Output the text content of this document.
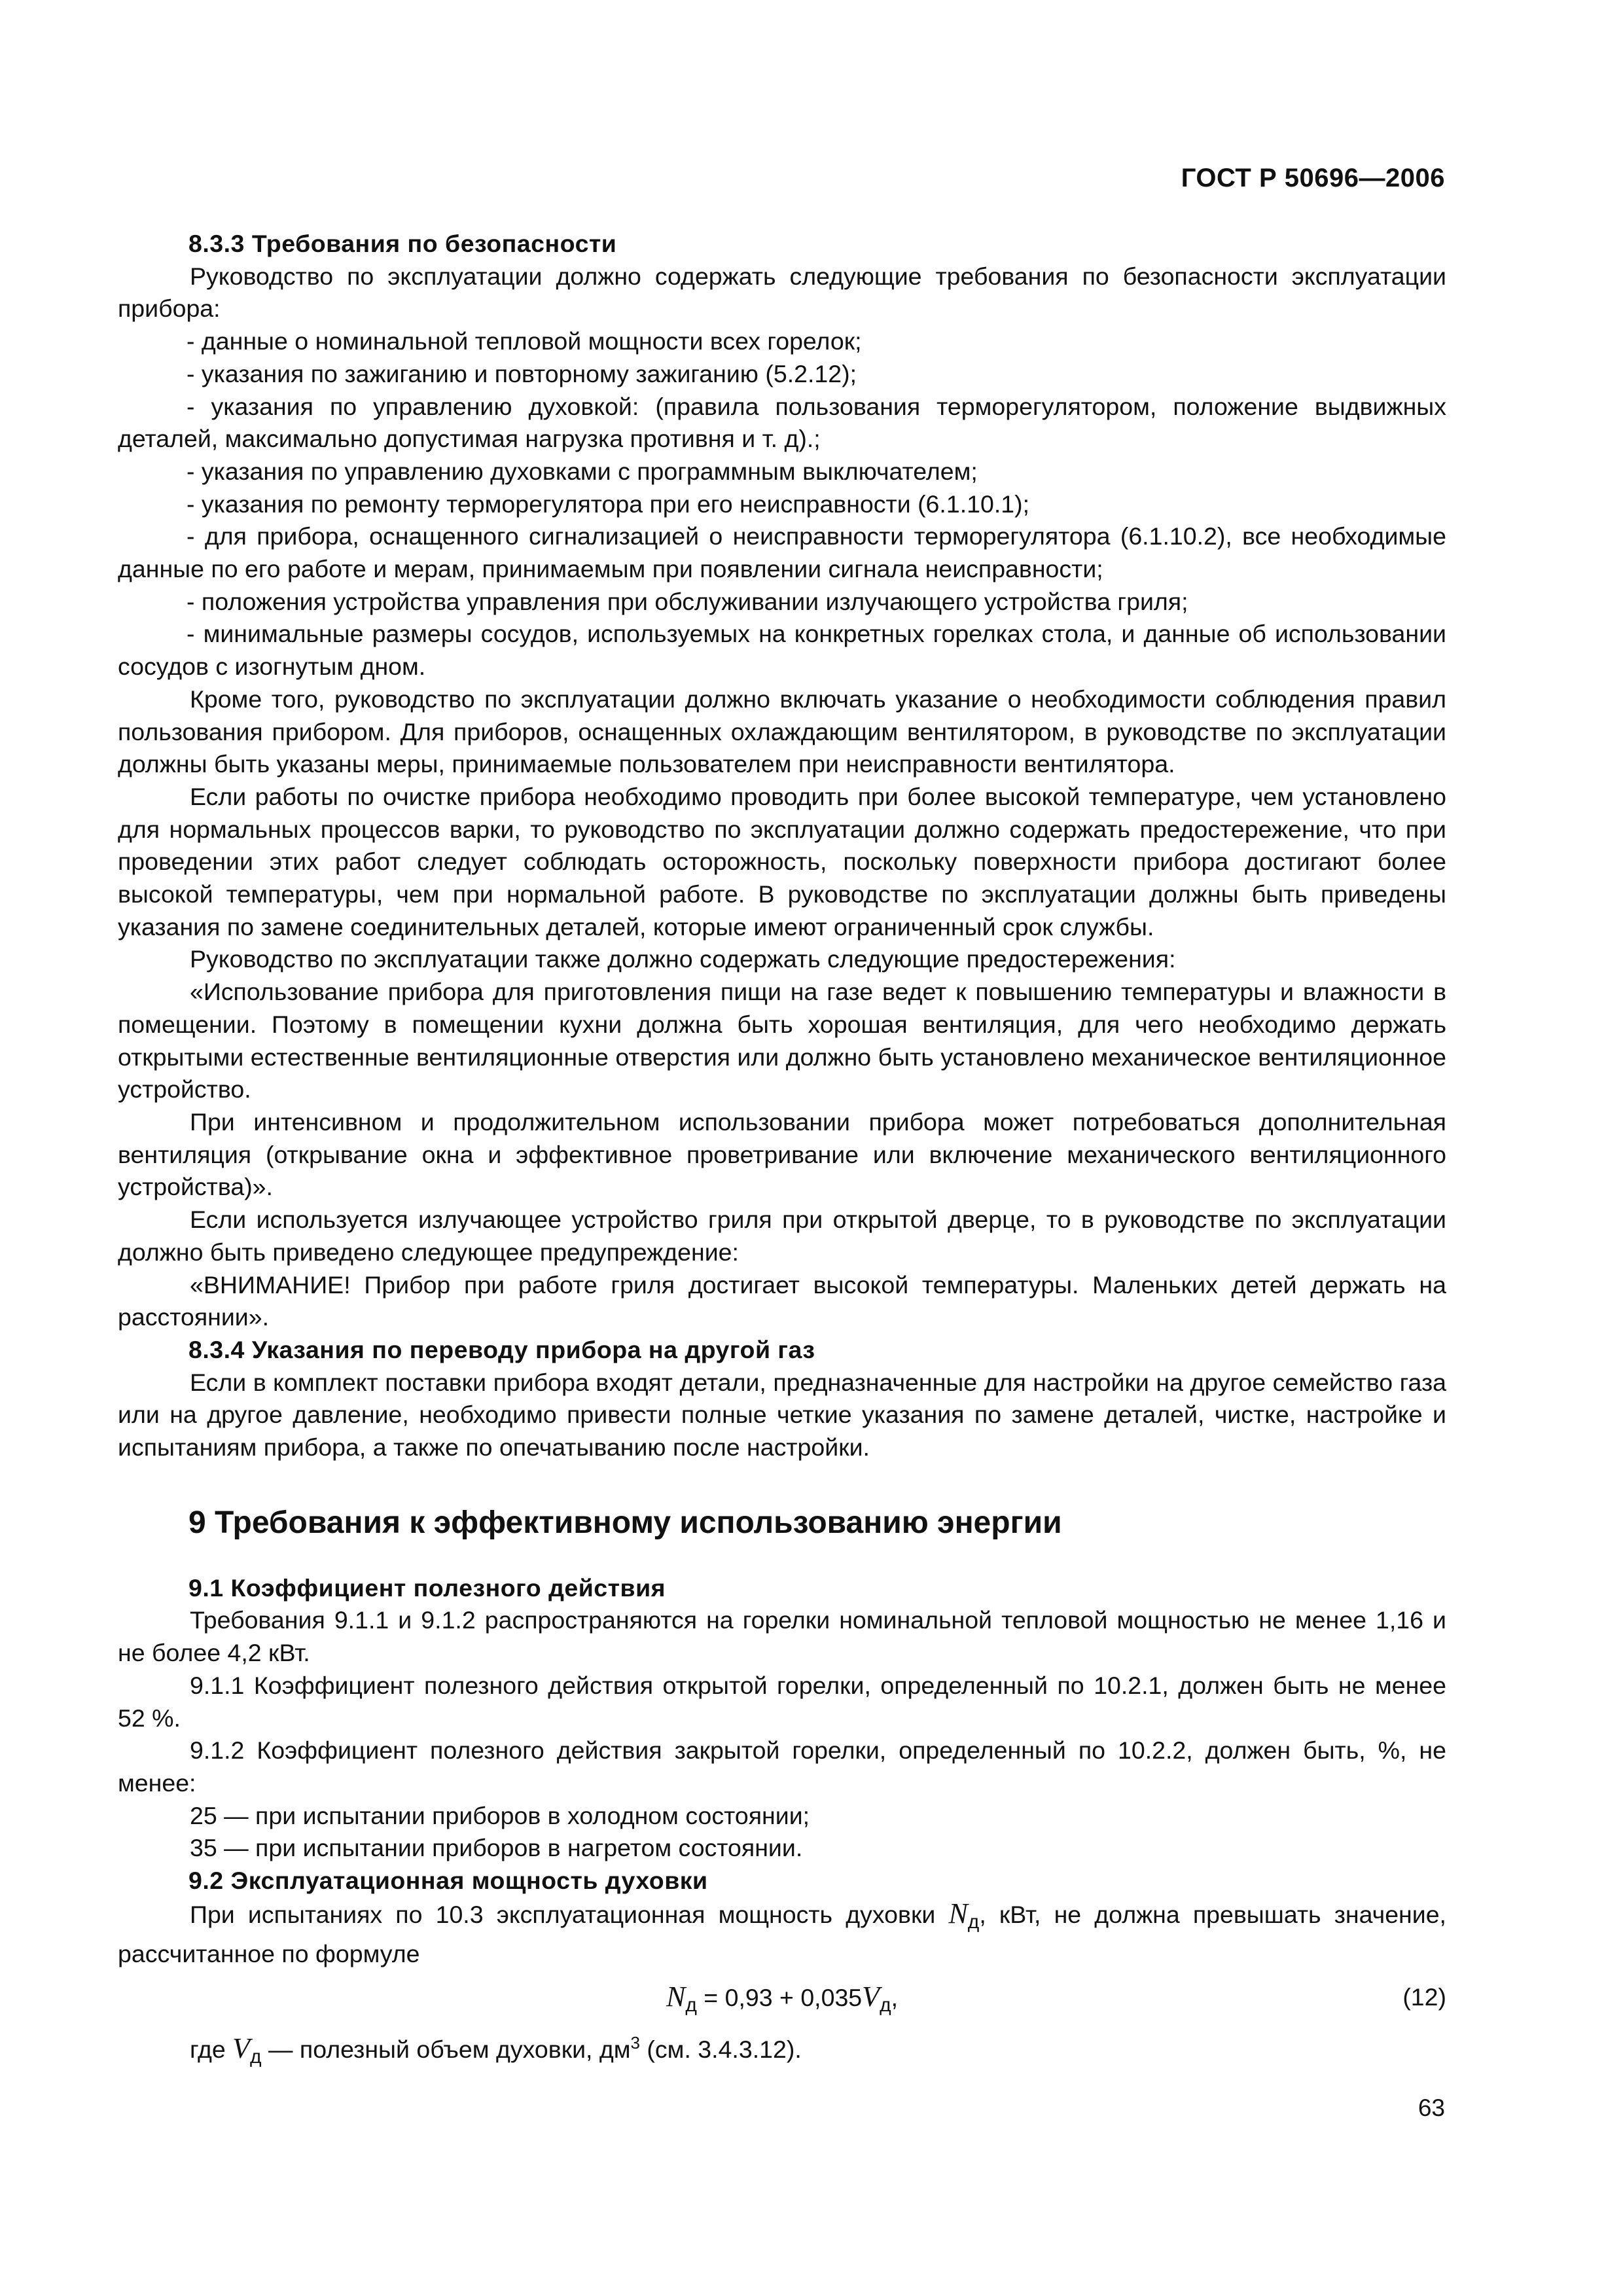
ГОСТ Р 50696—2006
8.3.3 Требования по безопасности

Руководство по эксплуатации должно содержать следующие требования по безопасности эксплуатации прибора:

- данные о номинальной тепловой мощности всех горелок;

- указания по зажиганию и повторному зажиганию (5.2.12);

- указания по управлению духовкой: (правила пользования терморегулятором, положение выдвижных деталей, максимально допустимая нагрузка противня и т. д).;

- указания по управлению духовками с программным выключателем;

- указания по ремонту терморегулятора при его неисправности (6.1.10.1);

- для прибора, оснащенного сигнализацией о неисправности терморегулятора (6.1.10.2), все необходимые данные по его работе и мерам, принимаемым при появлении сигнала неисправности;

- положения устройства управления при обслуживании излучающего устройства гриля;

- минимальные размеры сосудов, используемых на конкретных горелках стола, и данные об использовании сосудов с изогнутым дном.

Кроме того, руководство по эксплуатации должно включать указание о необходимости соблюдения правил пользования прибором. Для приборов, оснащенных охлаждающим вентилятором, в руководстве по эксплуатации должны быть указаны меры, принимаемые пользователем при неисправности вентилятора.

Если работы по очистке прибора необходимо проводить при более высокой температуре, чем установлено для нормальных процессов варки, то руководство по эксплуатации должно содержать предостережение, что при проведении этих работ следует соблюдать осторожность, поскольку поверхности прибора достигают более высокой температуры, чем при нормальной работе. В руководстве по эксплуатации должны быть приведены указания по замене соединительных деталей, которые имеют ограниченный срок службы.

Руководство по эксплуатации также должно содержать следующие предостережения:

«Использование прибора для приготовления пищи на газе ведет к повышению температуры и влажности в помещении. Поэтому в помещении кухни должна быть хорошая вентиляция, для чего необходимо держать открытыми естественные вентиляционные отверстия или должно быть установлено механическое вентиляционное устройство.

При интенсивном и продолжительном использовании прибора может потребоваться дополнительная вентиляция (открывание окна и эффективное проветривание или включение механического вентиляционного устройства)».

Если используется излучающее устройство гриля при открытой дверце, то в руководстве по эксплуатации должно быть приведено следующее предупреждение:

«ВНИМАНИЕ! Прибор при работе гриля достигает высокой температуры. Маленьких детей держать на расстоянии».

8.3.4 Указания по переводу прибора на другой газ

Если в комплект поставки прибора входят детали, предназначенные для настройки на другое семейство газа или на другое давление, необходимо привести полные четкие указания по замене деталей, чистке, настройке и испытаниям прибора, а также по опечатыванию после настройки.

9 Требования к эффективному использованию энергии
9.1 Коэффициент полезного действия

Требования 9.1.1 и 9.1.2 распространяются на горелки номинальной тепловой мощностью не менее 1,16 и не более 4,2 кВт.

9.1.1 Коэффициент полезного действия открытой горелки, определенный по 10.2.1, должен быть не менее 52 %.

9.1.2 Коэффициент полезного действия закрытой горелки, определенный по 10.2.2, должен быть, %, не менее:

25 — при испытании приборов в холодном состоянии;

35 — при испытании приборов в нагретом состоянии.

9.2 Эксплуатационная мощность духовки

При испытаниях по 10.3 эксплуатационная мощность духовки $N_д$, кВт, не должна превышать значение, рассчитанное по формуле

$N_д = 0,93 + 0,035V_д$,	(12)

где $V_д$ — полезный объем духовки, $дм^3$ (см. 3.4.3.12).

63
